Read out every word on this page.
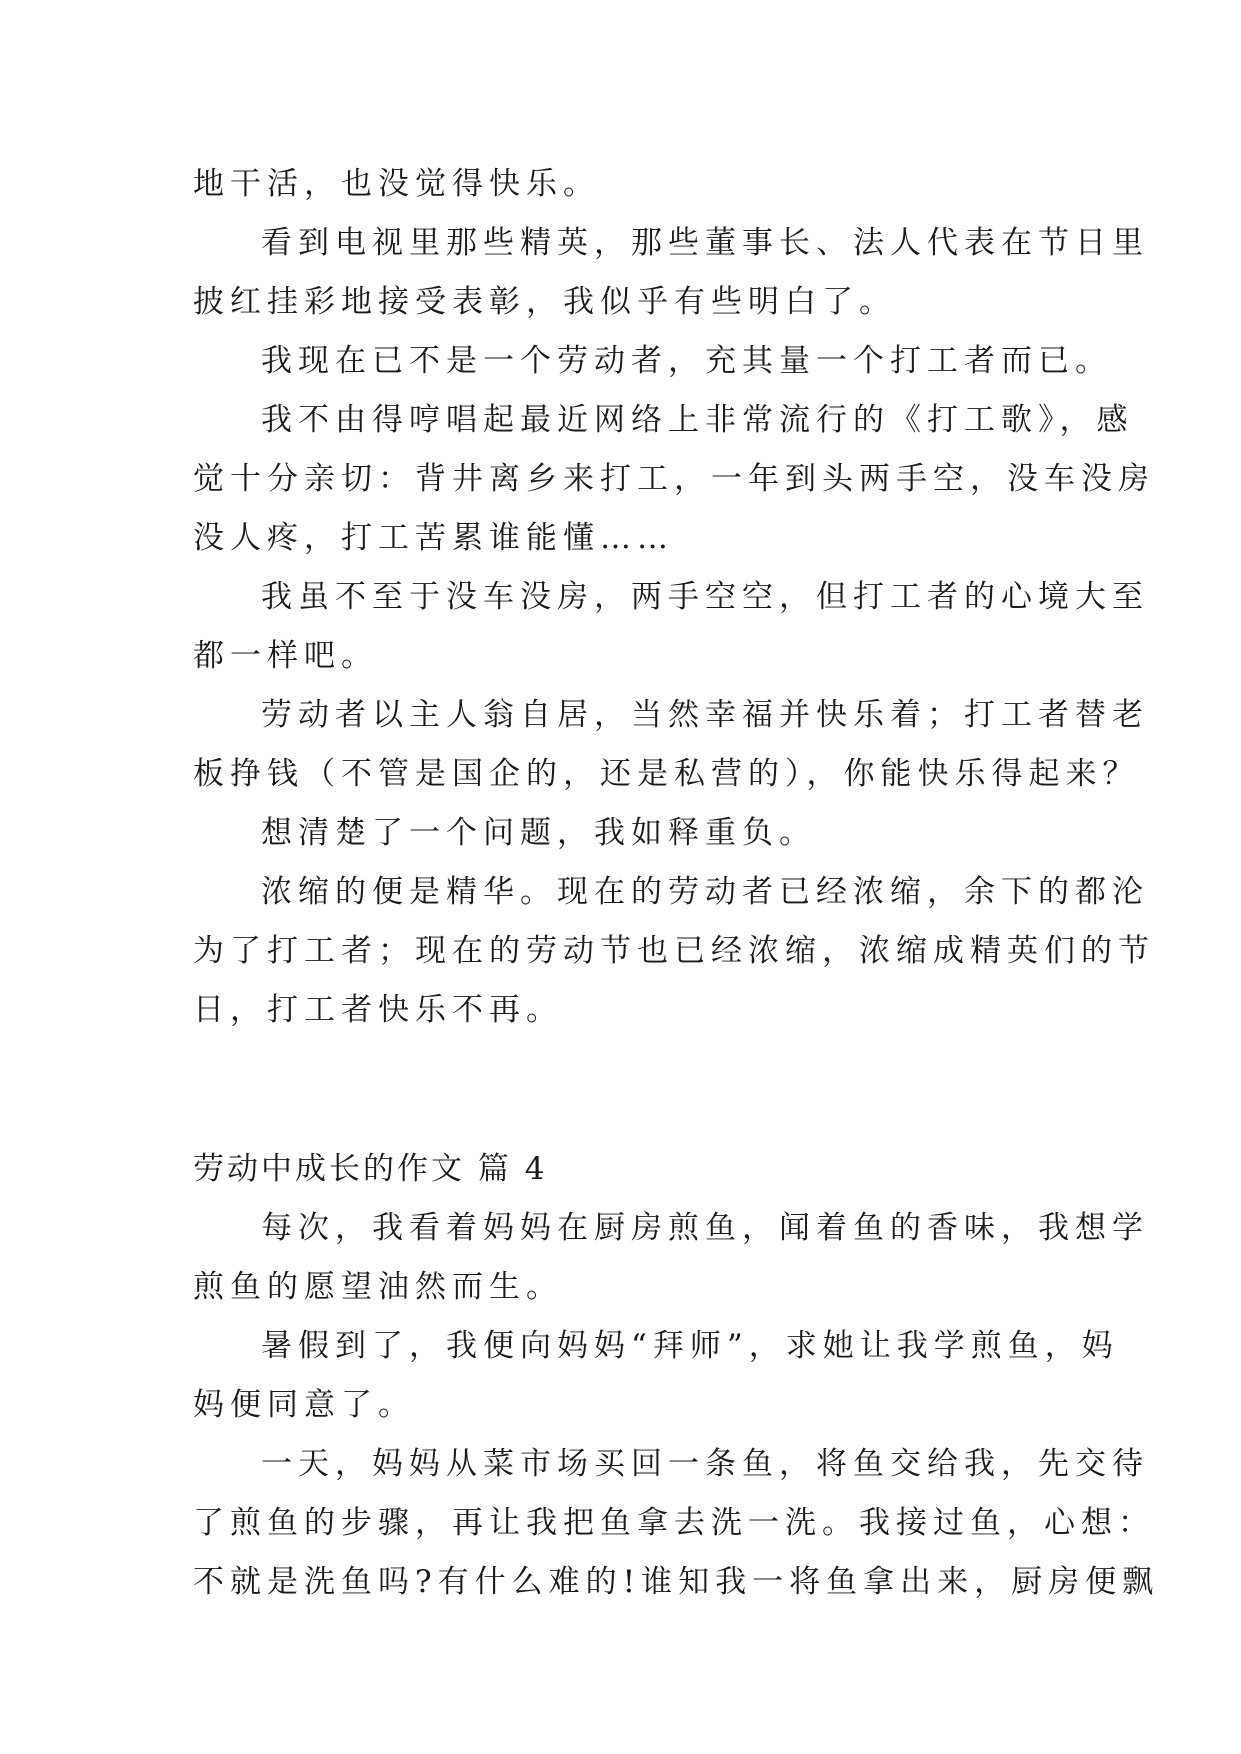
地干活，也没觉得快乐。
看到电视里那些精英，那些董事长、法人代表在节日里
披红挂彩地接受表彰，我似乎有些明白了。
我现在已不是一个劳动者，充其量一个打工者而已。
我不由得哼唱起最近网络上非常流行的《打工歌》，感
觉十分亲切：背井离乡来打工，一年到头两手空，没车没房
没人疼，打工苦累谁能懂……
我虽不至于没车没房，两手空空，但打工者的心境大至
都一样吧。
劳动者以主人翁自居，当然幸福并快乐着；打工者替老
板挣钱（不管是国企的，还是私营的），你能快乐得起来？
想清楚了一个问题，我如释重负。
浓缩的便是精华。现在的劳动者已经浓缩，余下的都沦
为了打工者；现在的劳动节也已经浓缩，浓缩成精英们的节
日，打工者快乐不再。
劳动中成长的作文 篇 4
每次，我看着妈妈在厨房煎鱼，闻着鱼的香味，我想学
煎鱼的愿望油然而生。
暑假到了，我便向妈妈“拜师”，求她让我学煎鱼，妈
妈便同意了。
一天，妈妈从菜市场买回一条鱼，将鱼交给我，先交待
了煎鱼的步骤，再让我把鱼拿去洗一洗。我接过鱼，心想：
不就是洗鱼吗?有什么难的!谁知我一将鱼拿出来，厨房便飘
